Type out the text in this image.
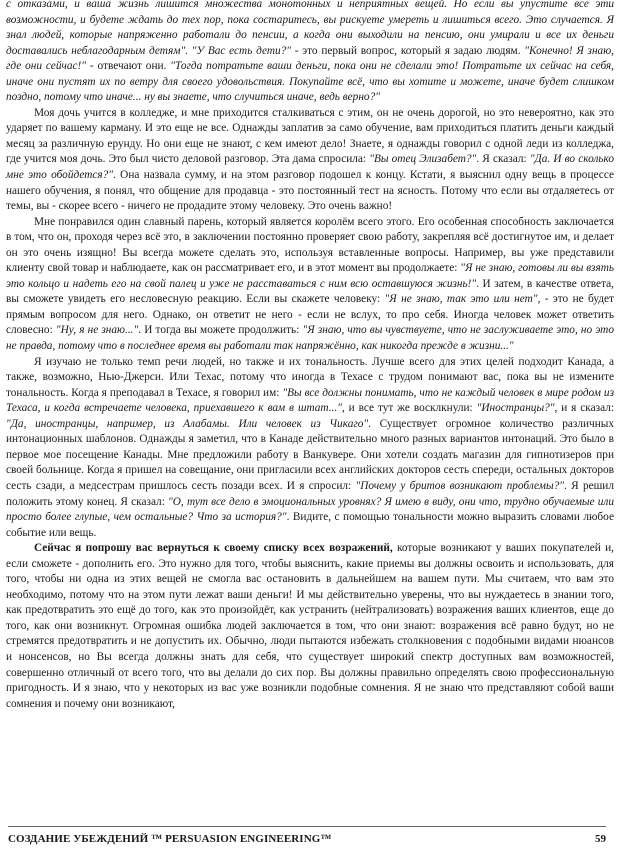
с отказами, и ваша жизнь лишится множества монотонных и неприятных вещей. Но если вы упустите все эти возможности, и будете ждать до тех пор, пока состаритесь, вы рискуете умереть и лишиться всего. Это случается. Я знал людей, которые напряженно работали до пенсии, а когда они выходили на пенсию, они умирали и все их деньги доставались неблагодарным детям". "У Вас есть дети?" - это первый вопрос, который я задаю людям. "Конечно! Я знаю, где они сейчас!" - отвечают они. "Тогда потратьте ваши деньги, пока они не сделали это! Потратьте их сейчас на себя, иначе они пустят их по ветру для своего удовольствия. Покупайте всё, что вы хотите и можете, иначе будет слишком поздно, потому что иначе... ну вы знаете, что случиться иначе, ведь верно?"

Моя дочь учится в колледже, и мне приходится сталкиваться с этим, он не очень дорогой, но это невероятно, как это ударяет по вашему карману. И это еще не все. Однажды заплатив за само обучение, вам приходиться платить деньги каждый месяц за различную ерунду. Но они еще не знают, с кем имеют дело! Знаете, я однажды говорил с одной леди из колледжа, где учится моя дочь. Это был чисто деловой разговор. Эта дама спросила: "Вы отец Элизабет?". Я сказал: "Да. И во сколько мне это обойдется?". Она назвала сумму, и на этом разговор подошел к концу. Кстати, я выяснил одну вещь в процессе нашего обучения, я понял, что общение для продавца - это постоянный тест на ясность. Потому что если вы отдаляетесь от темы, вы - скорее всего - ничего не продадите этому человеку. Это очень важно!

Мне понравился один славный парень, который является королём всего этого. Его особенная способность заключается в том, что он, проходя через всё это, в заключении постоянно проверяет свою работу, закрепляя всё достигнутое им, и делает он это очень изящно! Вы всегда можете сделать это, используя вставленные вопросы. Например, вы уже представили клиенту свой товар и наблюдаете, как он рассматривает его, и в этот момент вы продолжаете: "Я не знаю, готовы ли вы взять это кольцо и надеть его на свой палец и уже не расставаться с ним всю оставшуюся жизнь!". И затем, в качестве ответа, вы сможете увидеть его несловесную реакцию. Если вы скажете человеку: "Я не знаю, так это или нет", - это не будет прямым вопросом для него. Однако, он ответит не него - если не вслух, то про себя. Иногда человек может ответить словесно: "Ну, я не знаю...". И тогда вы можете продолжить: "Я знаю, что вы чувствуете, что не заслуживаете это, но это не правда, потому что в последнее время вы работали так напряжённо, как никогда прежде в жизни..."

Я изучаю не только темп речи людей, но также и их тональность. Лучше всего для этих целей подходит Канада, а также, возможно, Нью-Джерси. Или Техас, потому что иногда в Техасе с трудом понимают вас, пока вы не измените тональность. Когда я преподавал в Техасе, я говорил им: "Вы все должны понимать, что не каждый человек в мире родом из Техаса, и когда встречаете человека, приехавшего к вам в штат...", и все тут же восклкнули: "Иностранцы?", и я сказал: "Да, иностранцы, например, из Алабамы. Или человек из Чикаго". Существует огромное количество различных интонационных шаблонов. Однажды я заметил, что в Канаде действительно много разных вариантов интонаций. Это было в первое мое посещение Канады. Мне предложили работу в Ванкувере. Они хотели создать магазин для гипнотизеров при своей больнице. Когда я пришел на совещание, они пригласили всех английских докторов сесть спереди, остальных докторов сесть сзади, а медсестрам пришлось сесть позади всех. И я спросил: "Почему у бритов возникают проблемы?". Я решил положить этому конец. Я сказал: "О, тут все дело в эмоциональных уровнях? Я имею в виду, они что, трудно обучаемые или просто более глупые, чем остальные? Что за история?". Видите, с помощью тональности можно выразить словами любое событие или вещь.

Сейчас я попрошу вас вернуться к своему списку всех возражений, которые возникают у ваших покупателей и, если сможете - дополнить его. Это нужно для того, чтобы выяснить, какие приемы вы должны освоить и использовать, для того, чтобы ни одна из этих вещей не смогла вас остановить в дальнейшем на вашем пути. Мы считаем, что вам это необходимо, потому что на этом пути лежат ваши деньги! И мы действительно уверены, что вы нуждаетесь в знании того, как предотвратить это ещё до того, как это произойдёт, как устранить (нейтрализовать) возражения ваших клиентов, еще до того, как они возникнут. Огромная ошибка людей заключается в том, что они знают: возражения всё равно будут, но не стремятся предотвратить и не допустить их. Обычно, люди пытаются избежать столкновения с подобными видами нюансов и нонсенсов, но Вы всегда должны знать для себя, что существует широкий спектр доступных вам возможностей, совершенно отличный от всего того, что вы делали до сих пор. Вы должны правильно определять свою профессиональную пригодность. И я знаю, что у некоторых из вас уже возникли подобные сомнения. Я не знаю что представляют собой ваши сомнения и почему они возникают,

СОЗДАНИЕ УБЕЖДЕНИЙ ™ PERSUASION ENGINEERING™	59
